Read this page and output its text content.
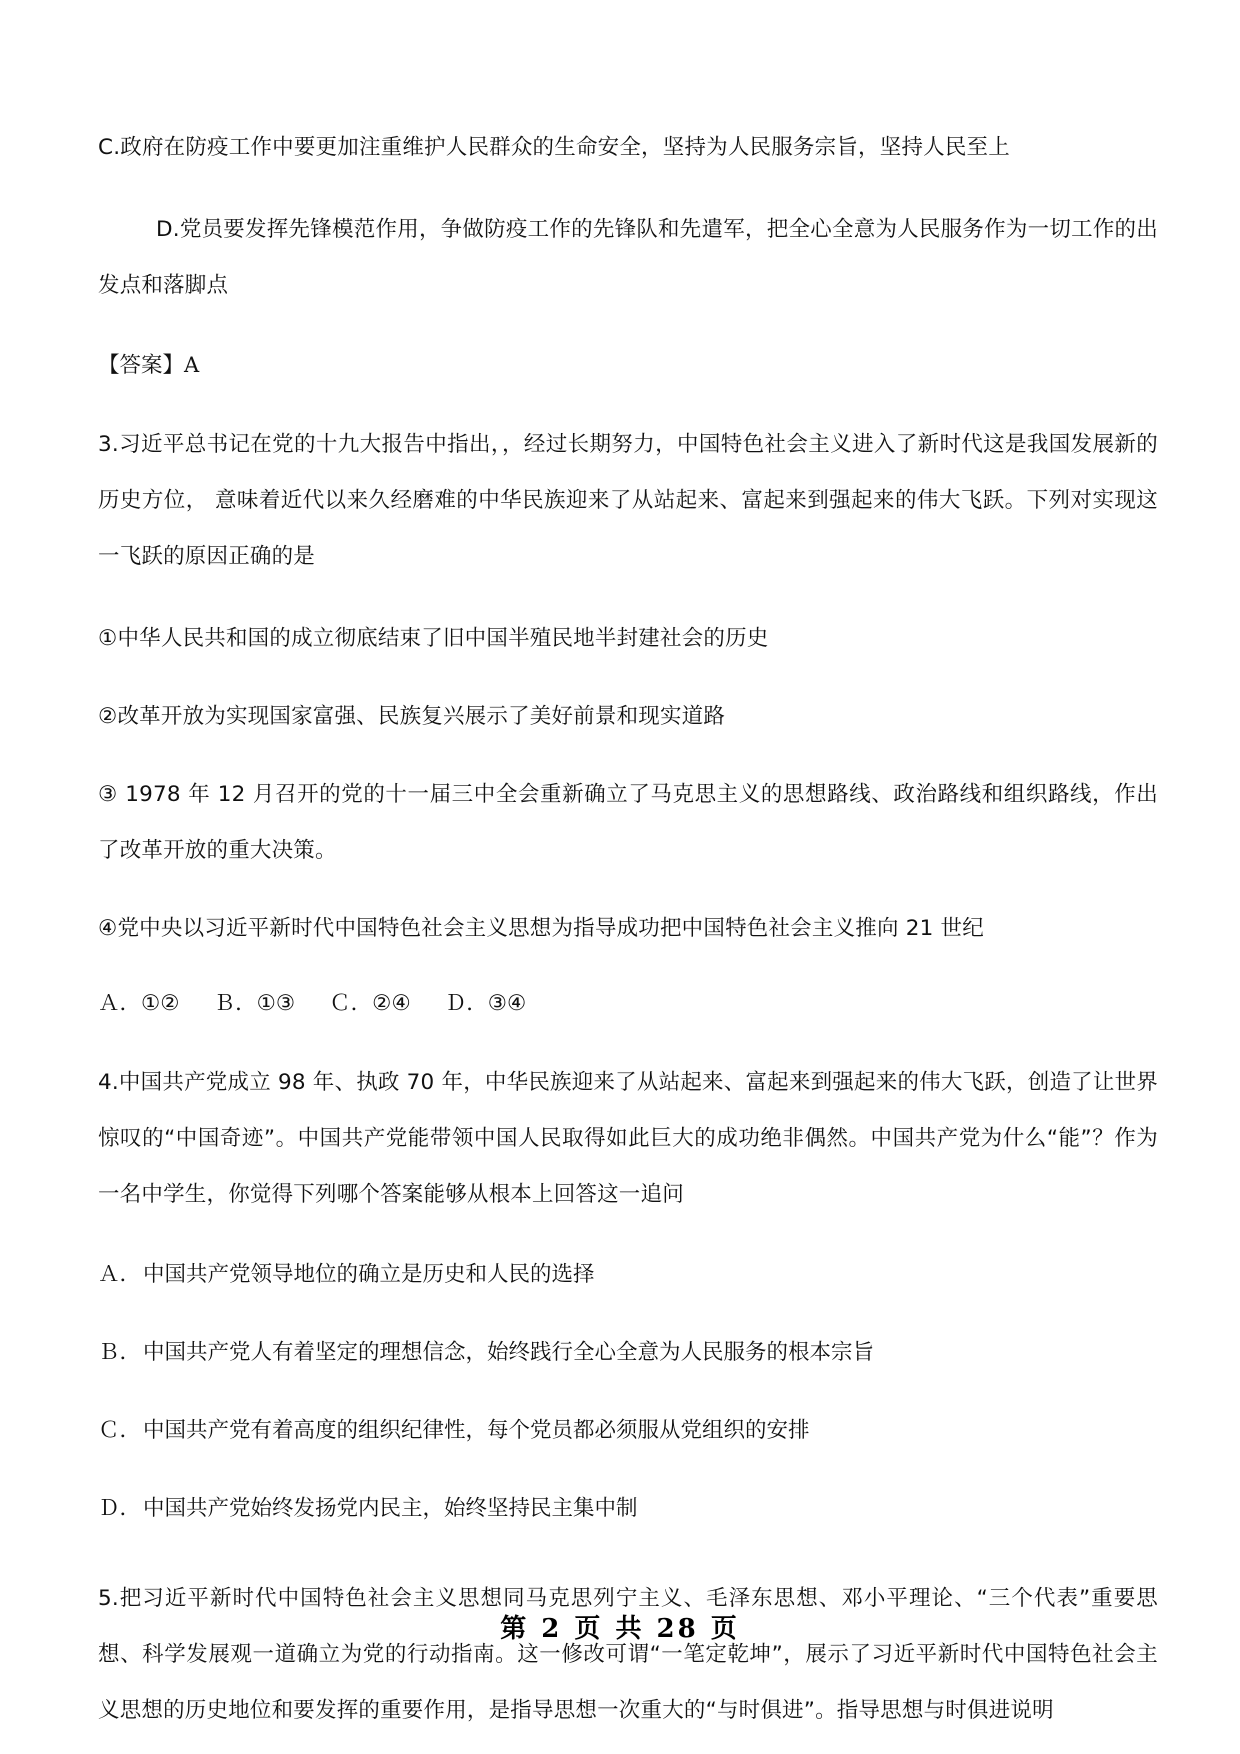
C.政府在防疫工作中要更加注重维护人民群众的生命安全，坚持为人民服务宗旨，坚持人民至上

D.党员要发挥先锋模范作用，争做防疫工作的先锋队和先遣军，把全心全意为人民服务作为一切工作的出发点和落脚点

【答案】A

3.习近平总书记在党的十九大报告中指出，，经过长期努力，中国特色社会主义进入了新时代这是我国发展新的历史方位， 意味着近代以来久经磨难的中华民族迎来了从站起来、富起来到强起来的伟大飞跃。下列对实现这一飞跃的原因正确的是

①中华人民共和国的成立彻底结束了旧中国半殖民地半封建社会的历史

②改革开放为实现国家富强、民族复兴展示了美好前景和现实道路

③ 1978 年 12 月召开的党的十一届三中全会重新确立了马克思主义的思想路线、政治路线和组织路线，作出了改革开放的重大决策。

④党中央以习近平新时代中国特色社会主义思想为指导成功把中国特色社会主义推向 21 世纪

Ａ．①② Ｂ．①③ Ｃ．②④ Ｄ．③④

4.中国共产党成立 98 年、执政 70 年，中华民族迎来了从站起来、富起来到强起来的伟大飞跃，创造了让世界惊叹的“中国奇迹”。中国共产党能带领中国人民取得如此巨大的成功绝非偶然。中国共产党为什么“能”？作为一名中学生，你觉得下列哪个答案能够从根本上回答这一追问

Ａ．中国共产党领导地位的确立是历史和人民的选择

Ｂ．中国共产党人有着坚定的理想信念，始终践行全心全意为人民服务的根本宗旨

Ｃ．中国共产党有着高度的组织纪律性，每个党员都必须服从党组织的安排

Ｄ．中国共产党始终发扬党内民主，始终坚持民主集中制

5.把习近平新时代中国特色社会主义思想同马克思列宁主义、毛泽东思想、邓小平理论、“三个代表”重要思想、科学发展观一道确立为党的行动指南。这一修改可谓“一笔定乾坤”，展示了习近平新时代中国特色社会主义思想的历史地位和要发挥的重要作用，是指导思想一次重大的“与时俱进”。指导思想与时俱进说明

第 2 页 共 28 页
